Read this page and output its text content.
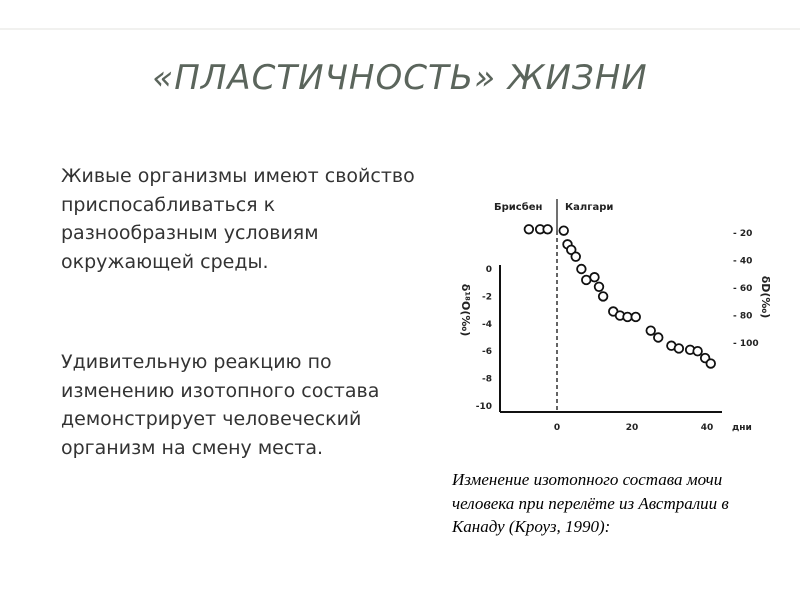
«ПЛАСТИЧНОСТЬ» ЖИЗНИ
Живые организмы имеют свойство приспосабливаться к разнообразным условиям окружающей среды.
Удивительную реакцию по изменению изотопного состава демонстрирует человеческий организм на смену места.
Брисбен Калгари
δ¹⁸O(‰)	δD(‰)
0	20	40 дни
0
-2
-4
-6
-8
-10
- 20
- 40
- 60
- 80
- 100
Изменение изотопного состава мочи человека при перелёте из Австралии в Канаду (Кроуз, 1990):
